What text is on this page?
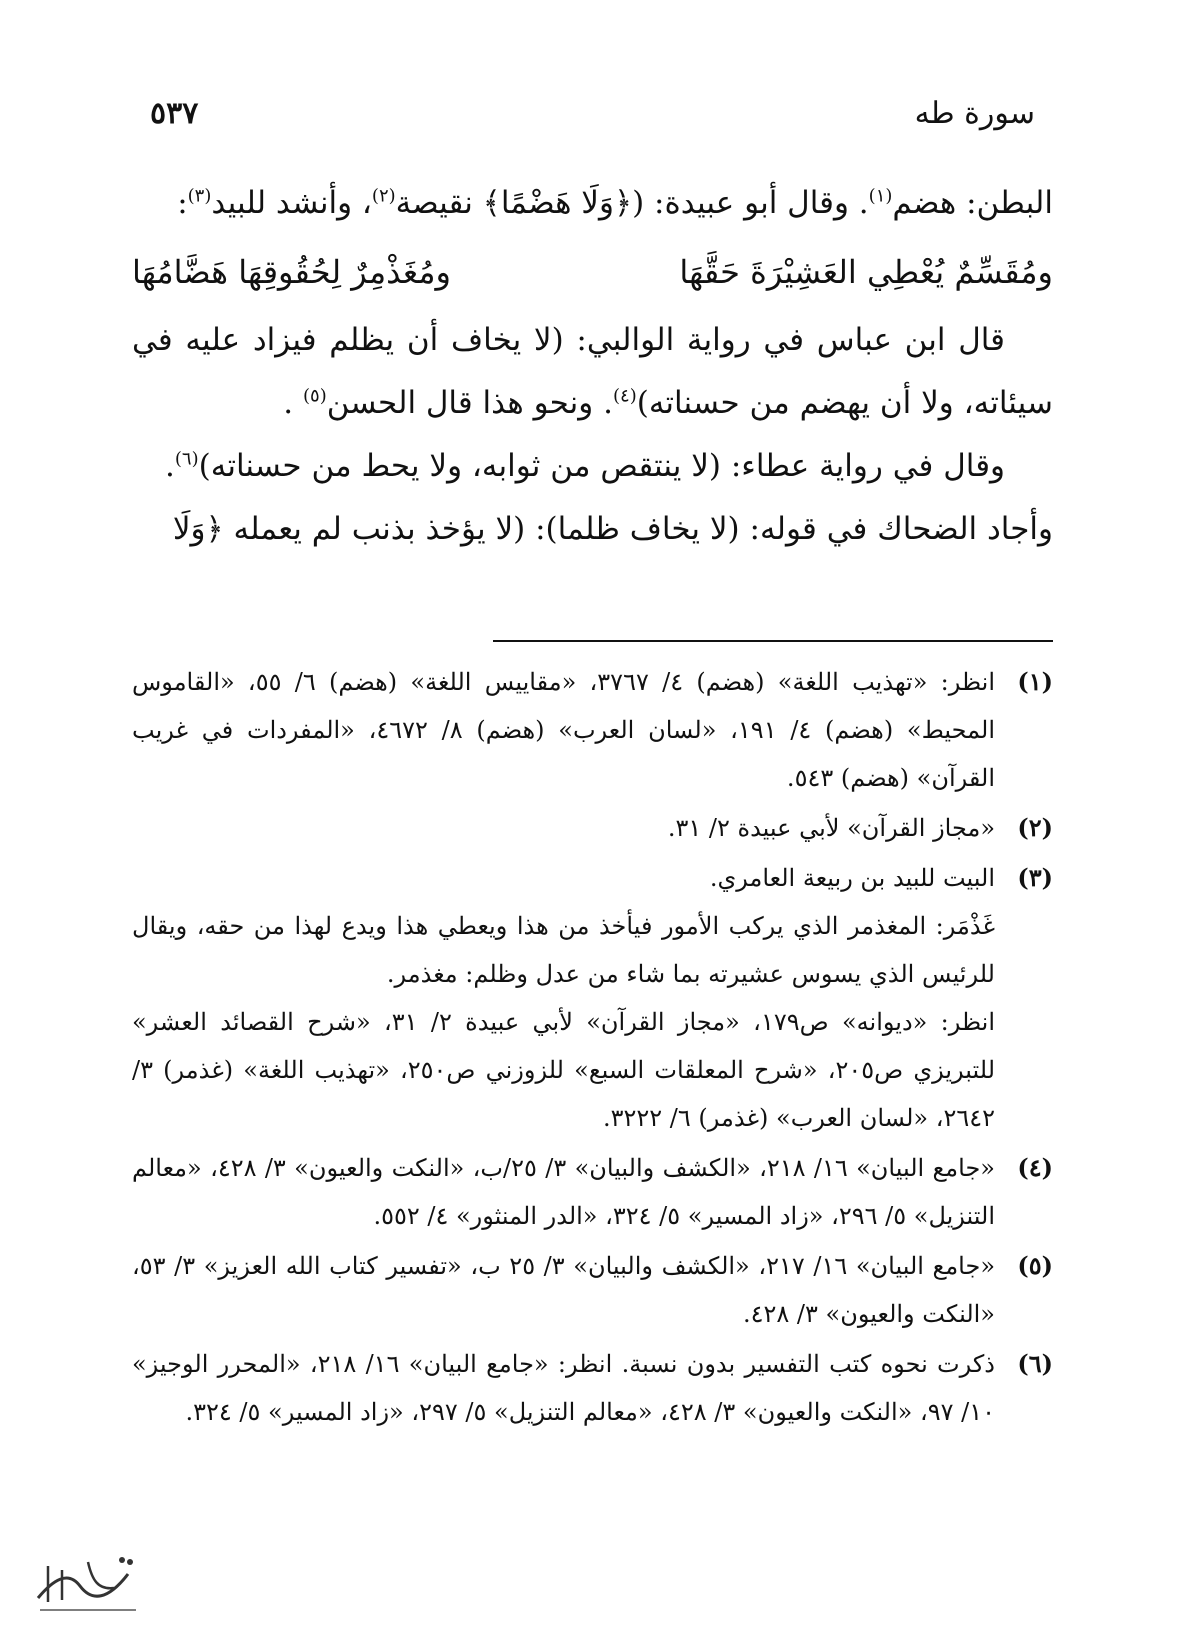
سورة طه
٥٣٧

البطن: هضم$^{(١)}$. وقال أبو عبيدة: (﴿وَلَا هَضْمًا﴾ نقيصة$^{(٢)}$، وأنشد للبيد$^{(٣)}$:

ومُقَسِّمٌ يُعْطِي العَشِيْرَةَ حَقَّهَا
ومُغَذْمِرٌ لِحُقُوقِهَا هَضَّامُهَا

قال ابن عباس في رواية الوالبي: (لا يخاف أن يظلم فيزاد عليه في سيئاته، ولا أن يهضم من حسناته)$^{(٤)}$. ونحو هذا قال الحسن$^{(٥)}$ .

وقال في رواية عطاء: (لا ينتقص من ثوابه، ولا يحط من حسناته)$^{(٦)}$.

وأجاد الضحاك في قوله: (لا يخاف ظلما): (لا يؤخذ بذنب لم يعمله ﴿وَلَا

(١)

انظر: «تهذيب اللغة» (هضم) ٤/ ٣٧٦٧، «مقاييس اللغة» (هضم) ٦/ ٥٥، «القاموس المحيط» (هضم) ٤/ ١٩١، «لسان العرب» (هضم) ٨/ ٤٦٧٢، «المفردات في غريب القرآن» (هضم) ٥٤٣.

(٢)

«مجاز القرآن» لأبي عبيدة ٢/ ٣١.

(٣)

البيت للبيد بن ربيعة العامري.

غَذْمَر: المغذمر الذي يركب الأمور فيأخذ من هذا ويعطي هذا ويدع لهذا من حقه، ويقال للرئيس الذي يسوس عشيرته بما شاء من عدل وظلم: مغذمر.

انظر: «ديوانه» ص١٧٩، «مجاز القرآن» لأبي عبيدة ٢/ ٣١، «شرح القصائد العشر» للتبريزي ص٢٠٥، «شرح المعلقات السبع» للزوزني ص٢٥٠، «تهذيب اللغة» (غذمر) ٣/ ٢٦٤٢، «لسان العرب» (غذمر) ٦/ ٣٢٢٢.

(٤)

«جامع البيان» ١٦/ ٢١٨، «الكشف والبيان» ٣/ ٢٥/ب، «النكت والعيون» ٣/ ٤٢٨، «معالم التنزيل» ٥/ ٢٩٦، «زاد المسير» ٥/ ٣٢٤، «الدر المنثور» ٤/ ٥٥٢.

(٥)

«جامع البيان» ١٦/ ٢١٧، «الكشف والبيان» ٣/ ٢٥ ب، «تفسير كتاب الله العزيز» ٣/ ٥٣، «النكت والعيون» ٣/ ٤٢٨.

(٦)

ذكرت نحوه كتب التفسير بدون نسبة. انظر: «جامع البيان» ١٦/ ٢١٨، «المحرر الوجيز» ١٠/ ٩٧، «النكت والعيون» ٣/ ٤٢٨، «معالم التنزيل» ٥/ ٢٩٧، «زاد المسير» ٥/ ٣٢٤.
